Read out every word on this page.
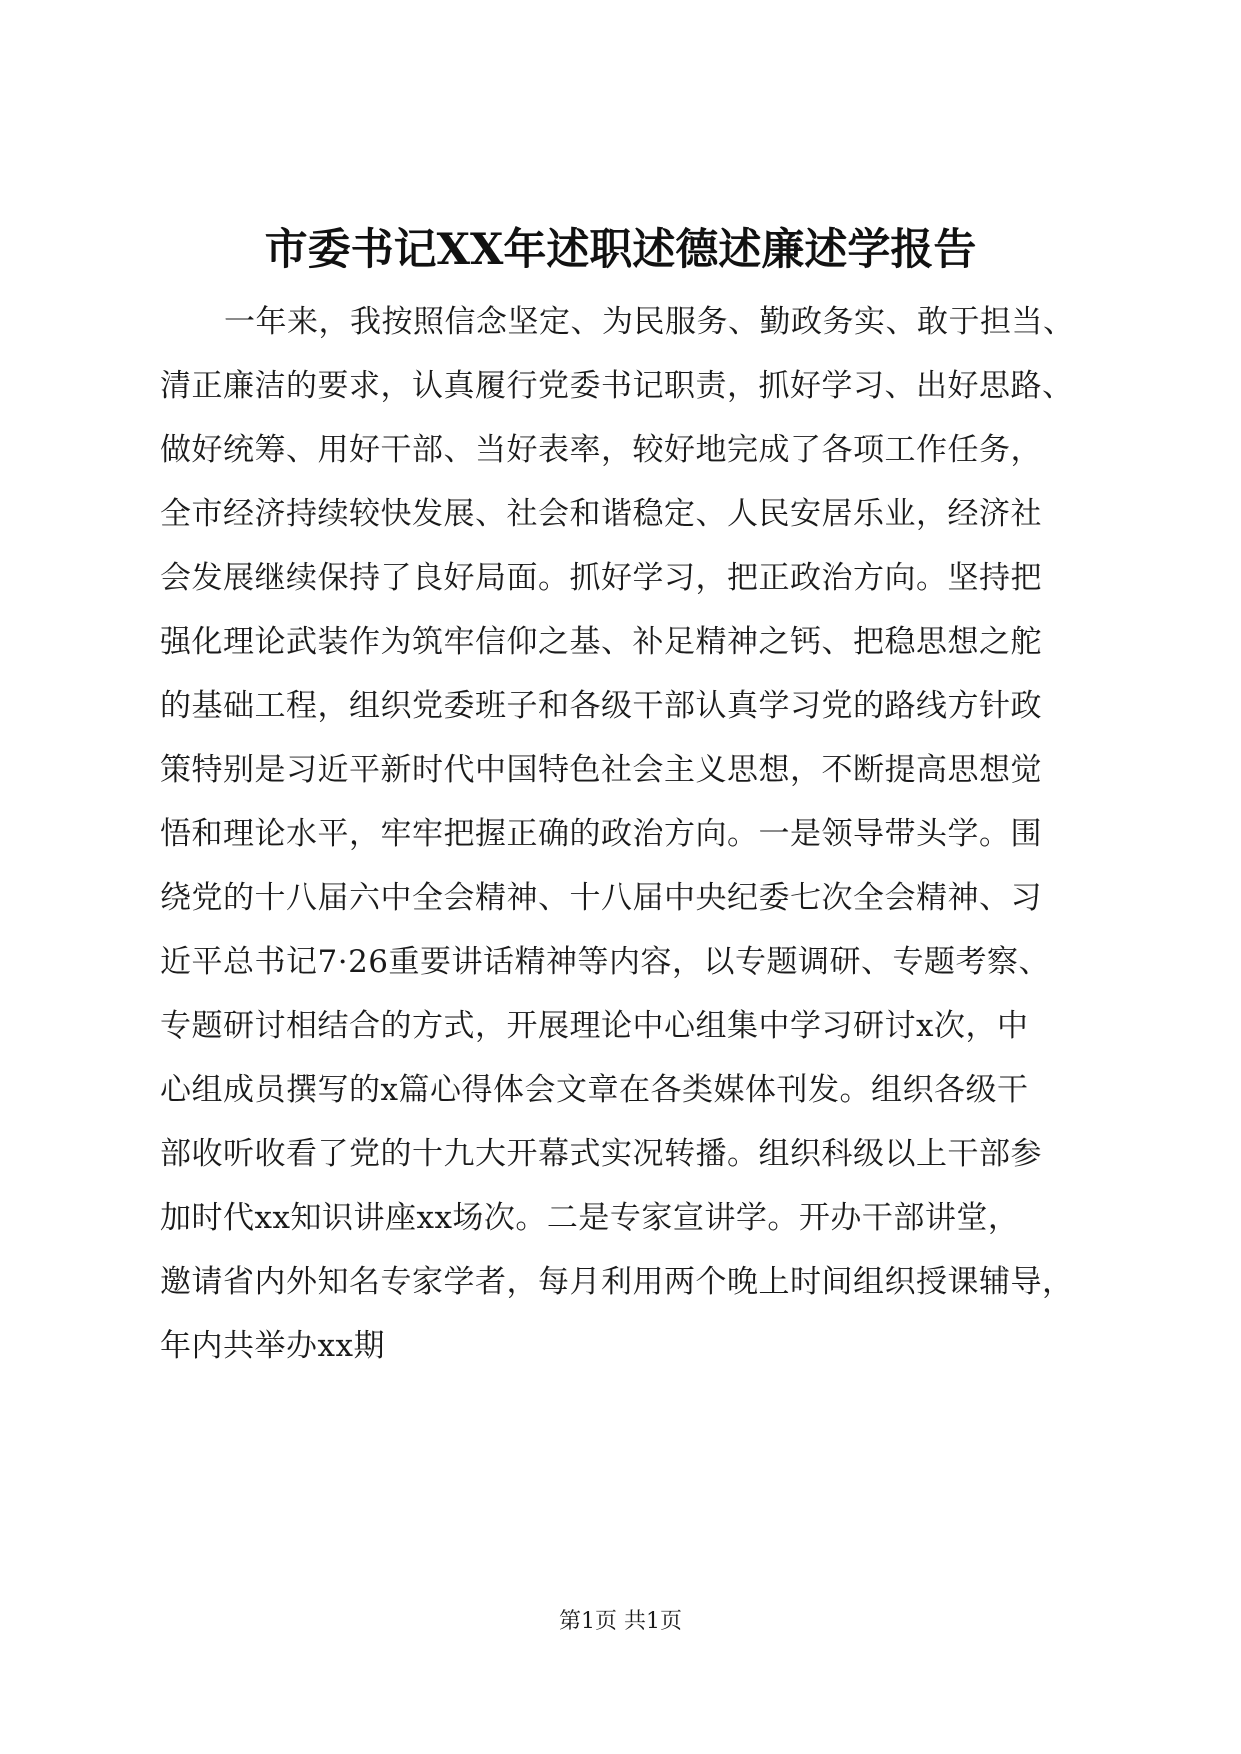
市委书记XX年述职述德述廉述学报告
一年来，我按照信念坚定、为民服务、勤政务实、敢于担当、
清正廉洁的要求，认真履行党委书记职责，抓好学习、出好思路、
做好统筹、用好干部、当好表率，较好地完成了各项工作任务，
全市经济持续较快发展、社会和谐稳定、人民安居乐业，经济社
会发展继续保持了良好局面。抓好学习，把正政治方向。坚持把
强化理论武装作为筑牢信仰之基、补足精神之钙、把稳思想之舵
的基础工程，组织党委班子和各级干部认真学习党的路线方针政
策特别是习近平新时代中国特色社会主义思想，不断提高思想觉
悟和理论水平，牢牢把握正确的政治方向。一是领导带头学。围
绕党的十八届六中全会精神、十八届中央纪委七次全会精神、习
近平总书记7·26重要讲话精神等内容，以专题调研、专题考察、
专题研讨相结合的方式，开展理论中心组集中学习研讨x次，中
心组成员撰写的x篇心得体会文章在各类媒体刊发。组织各级干
部收听收看了党的十九大开幕式实况转播。组织科级以上干部参
加时代xx知识讲座xx场次。二是专家宣讲学。开办干部讲堂，
邀请省内外知名专家学者，每月利用两个晚上时间组织授课辅导，
年内共举办xx期
第1页 共1页
